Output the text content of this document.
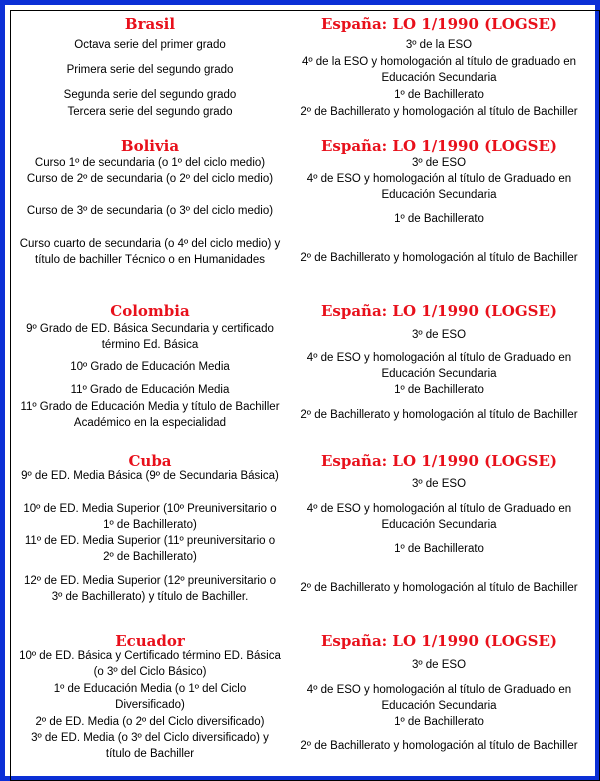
Brasil
Octava serie del primer grado
Primera serie del segundo grado
Segunda serie del segundo grado
Tercera serie del segundo grado
España: LO 1/1990 (LOGSE)
3º de la ESO
4º de la ESO y homologación al título de graduado en Educación Secundaria
1º de Bachillerato
2º de Bachillerato y homologación al título de Bachiller
Bolivia
Curso 1º de secundaria (o 1º del ciclo medio)
Curso de 2º de secundaria (o 2º del ciclo medio)
Curso de 3º de secundaria (o 3º del ciclo medio)
Curso cuarto de secundaria (o 4º del ciclo medio) y título de bachiller Técnico o en Humanidades
España: LO 1/1990 (LOGSE)
3º de ESO
4º de ESO y homologación al título de Graduado en Educación Secundaria
1º de Bachillerato
2º de Bachillerato y homologación al título de Bachiller
Colombia
9º Grado de ED. Básica Secundaria y certificado término Ed. Básica
10º Grado de Educación Media
11º Grado de Educación Media
11º Grado de Educación Media y título de Bachiller Académico en la especialidad
España: LO 1/1990 (LOGSE)
3º de ESO
4º de ESO y homologación al título de Graduado en Educación Secundaria
1º de Bachillerato
2º de Bachillerato y homologación al título de Bachiller
Cuba
9º de ED. Media Básica (9º de Secundaria Básica)
10º de ED. Media Superior (10º Preuniversitario o 1º de Bachillerato)
11º de ED. Media Superior (11º preuniversitario o 2º de Bachillerato)
12º de ED. Media Superior (12º preuniversitario o 3º de Bachillerato) y título de Bachiller.
España: LO 1/1990 (LOGSE)
3º de ESO
4º de ESO y homologación al título de Graduado en Educación Secundaria
1º de Bachillerato
2º de Bachillerato y homologación al título de Bachiller
Ecuador
10º de ED. Básica y Certificado término ED. Básica (o 3º del Ciclo Básico)
1º de Educación Media (o 1º del Ciclo Diversificado)
2º de ED. Media (o 2º del Ciclo diversificado)
3º de ED. Media (o 3º del Ciclo diversificado) y título de Bachiller
España: LO 1/1990 (LOGSE)
3º de ESO
4º de ESO y homologación al título de Graduado en Educación Secundaria
1º de Bachillerato
2º de Bachillerato y homologación al título de Bachiller
